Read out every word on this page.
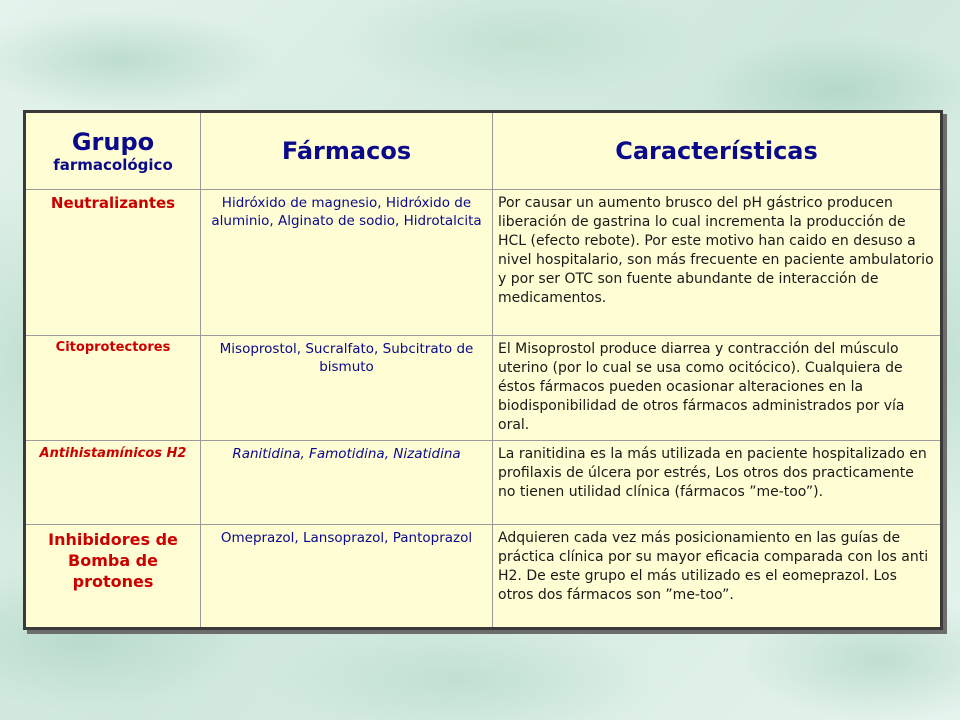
Grupo
farmacológico	Fármacos	Características
Neutralizantes	Hidróxido de magnesio, Hidróxido de aluminio, Alginato de sodio, Hidrotalcita	Por causar un aumento brusco del pH gástrico producen liberación de gastrina lo cual incrementa la producción de HCL (efecto rebote). Por este motivo han caido en desuso a nivel hospitalario, son más frecuente en paciente ambulatorio y por ser OTC son fuente abundante de interacción de medicamentos.
Citoprotectores	Misoprostol, Sucralfato, Subcitrato de bismuto	El Misoprostol produce diarrea y contracción del músculo uterino (por lo cual se usa como ocitócico). Cualquiera de éstos fármacos pueden ocasionar alteraciones en la biodisponibilidad de otros fármacos administrados por vía oral.
Antihistamínicos H2	Ranitidina, Famotidina, Nizatidina	La ranitidina es la más utilizada en paciente hospitalizado en profilaxis de úlcera por estrés, Los otros dos practicamente no tienen utilidad clínica (fármacos ”me-too”).
Inhibidores de Bomba de protones	Omeprazol, Lansoprazol, Pantoprazol	Adquieren cada vez más posicionamiento en las guías de práctica clínica por su mayor eficacia comparada con los anti H2. De este grupo el más utilizado es el eomeprazol. Los otros dos fármacos son ”me-too”.
